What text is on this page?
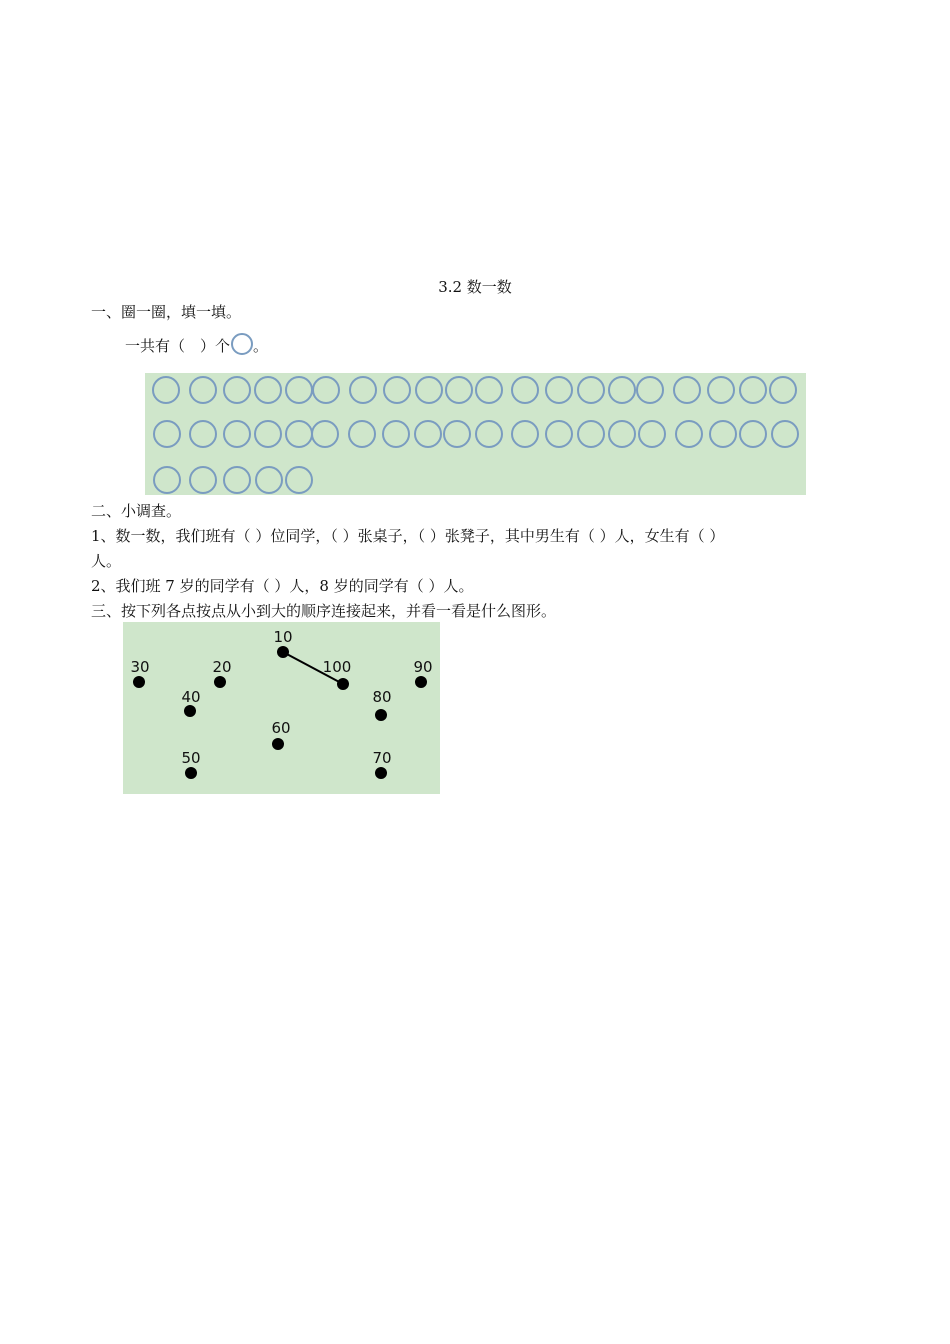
3.2 数一数
一、圈一圈，填一填。
一共有（　）个 。
二、小调查。
1、数一数，我们班有（ ）位同学，（ ）张桌子，（ ）张凳子，其中男生有（ ）人，女生有（ ）
人。
2、我们班 7 岁的同学有（ ）人，8 岁的同学有（ ）人。
三、按下列各点按点从小到大的顺序连接起来，并看一看是什么图形。
10
20
30
40
50
60
70
80
90
100
